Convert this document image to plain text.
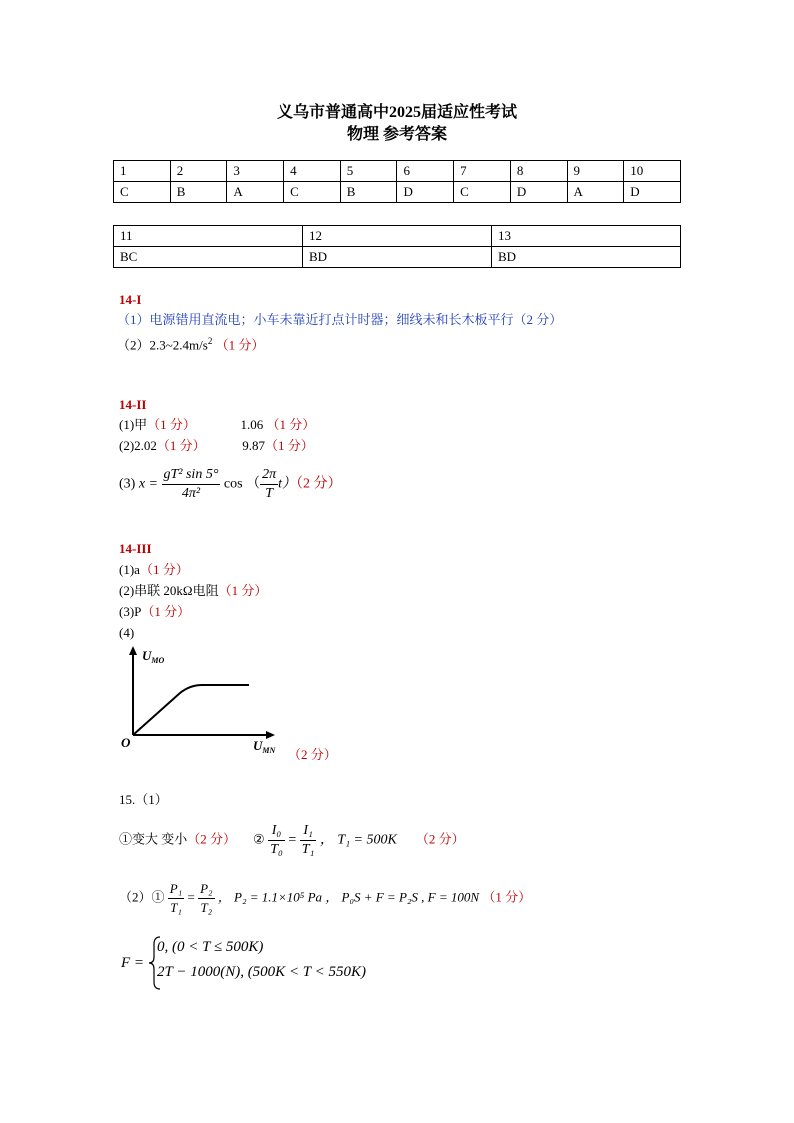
义乌市普通高中2025届适应性考试
物理 参考答案
1	2	3	4	5	6	7	8	9	10
C	B	A	C	B	D	C	D	A	D
11	12	13
BC	BD	BD
14-I
（1）电源错用直流电；小车未靠近打点计时器；细线未和长木板平行（2 分）
$(2)2.3\sim 2.4m/s^2$ （1 分）
14-II
(1)甲（1 分）	1.06 （1 分）
(2)2.02（1 分）	9.87（1 分）
(3) $x = \frac{\text{gT² sin 5°}}{\text{4π²}}$ cos （ $\frac{2\pi}{T} t)(2$ 分）
14-III
(1)a（1 分）
(2)串联 20kΩ电阻（1 分）
(3)P（1 分）
(4)
$U_{MO}$
$U_{MN}$
O
（2 分）
15.（1）
①变大 变小（2 分） ② $\frac{\text{I₀}}{\text{T₀}} = \frac{\text{I₁}}{\text{T₁}}$ ， T₁ = 500K （2 分）
（2）① $\frac{\text{P₁}}{\text{T₁}} = \frac{\text{P₂}}{\text{T₂}}$ ， P₂ = 1.1×10⁵ Pa ， P₀S + F = P₂S , F = 100N （1 分）
F =
0, (0 < T ≤ 500K)
2T − 1000(N), (500K < T < 550K)
